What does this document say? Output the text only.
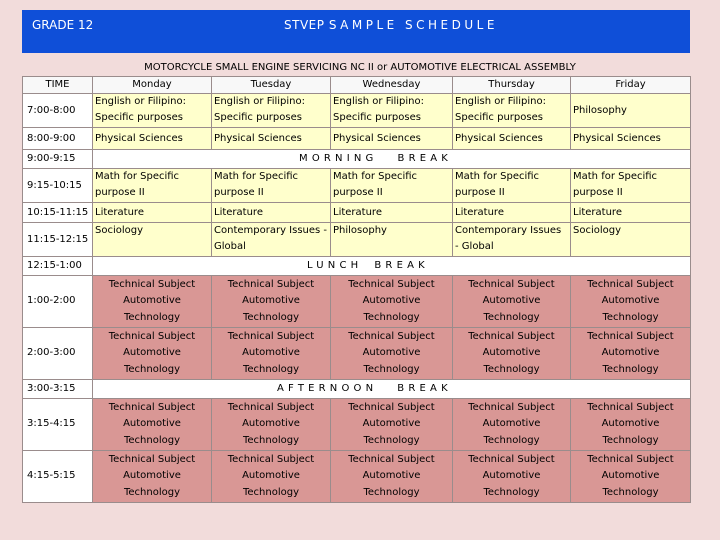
GRADE 12	STVEP SAMPLE SCHEDULE
MOTORCYCLE SMALL ENGINE SERVICING NC II or AUTOMOTIVE ELECTRICAL ASSEMBLY
TIME	Monday	Tuesday	Wednesday	Thursday	Friday
7:00-8:00	English or Filipino: Specific purposes	English or Filipino: Specific purposes	English or Filipino: Specific purposes	English or Filipino: Specific purposes	Philosophy
8:00-9:00	Physical Sciences	Physical Sciences	Physical Sciences	Physical Sciences	Physical Sciences
9:00-9:15	MORNING BREAK				
9:15-10:15	Math for Specific purpose II	Math for Specific purpose II	Math for Specific purpose II	Math for Specific purpose II	Math for Specific purpose II
10:15-11:15	Literature	Literature	Literature	Literature	Literature
11:15-12:15	Sociology	Contemporary Issues - Global	Philosophy	Contemporary Issues - Global	Sociology
12:15-1:00	LUNCH BREAK				
1:00-2:00	Technical Subject Automotive Technology	Technical Subject Automotive Technology	Technical Subject Automotive Technology	Technical Subject Automotive Technology	Technical Subject Automotive Technology
2:00-3:00	Technical Subject Automotive Technology	Technical Subject Automotive Technology	Technical Subject Automotive Technology	Technical Subject Automotive Technology	Technical Subject Automotive Technology
3:00-3:15	AFTERNOON BREAK				
3:15-4:15	Technical Subject Automotive Technology	Technical Subject Automotive Technology	Technical Subject Automotive Technology	Technical Subject Automotive Technology	Technical Subject Automotive Technology
4:15-5:15	Technical Subject Automotive Technology	Technical Subject Automotive Technology	Technical Subject Automotive Technology	Technical Subject Automotive Technology	Technical Subject Automotive Technology
